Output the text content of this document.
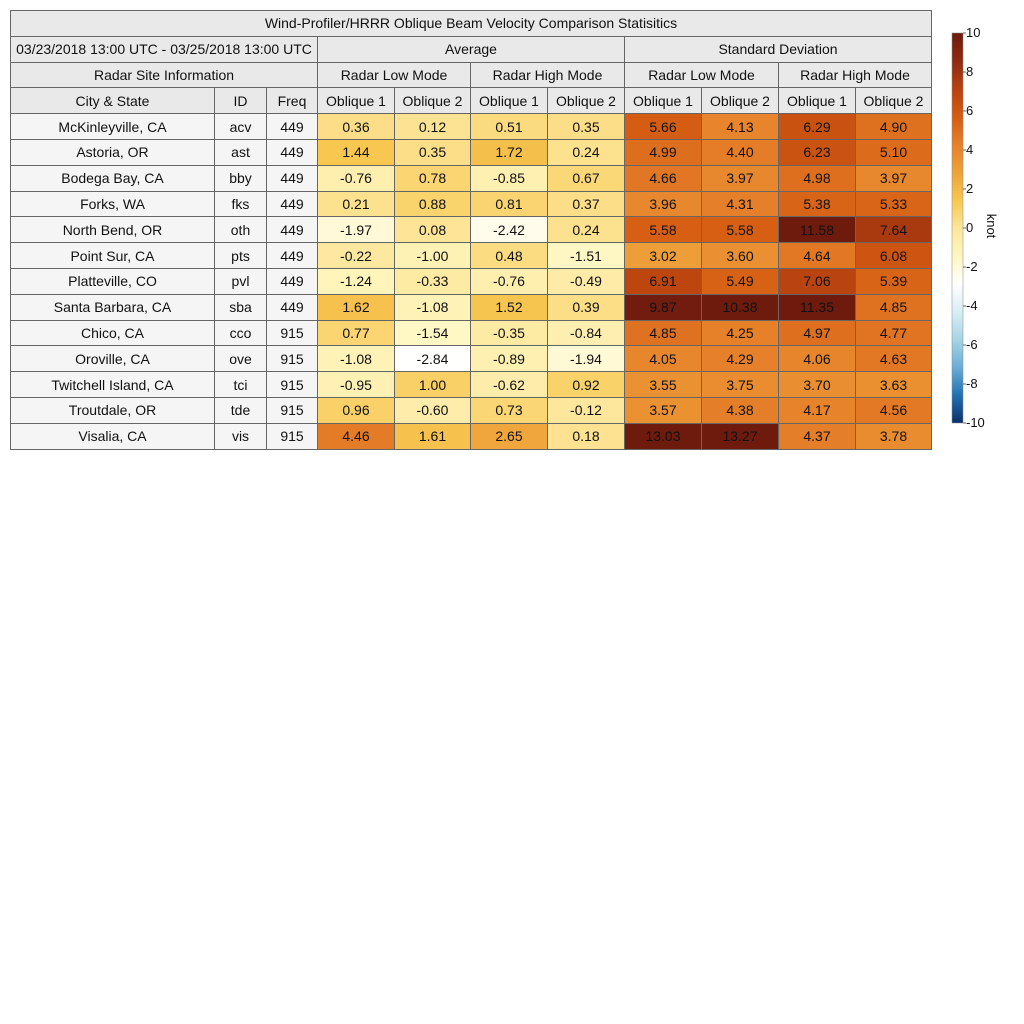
Wind-Profiler/HRRR Oblique Beam Velocity Comparison Statisitics										
03/23/2018 13:00 UTC - 03/25/2018 13:00 UTC			Average				Standard Deviation			
Radar Site Information			Radar Low Mode		Radar High Mode		Radar Low Mode		Radar High Mode	
City & State	ID	Freq	Oblique 1	Oblique 2	Oblique 1	Oblique 2	Oblique 1	Oblique 2	Oblique 1	Oblique 2
McKinleyville, CA	acv	449	0.36	0.12	0.51	0.35	5.66	4.13	6.29	4.90
Astoria, OR	ast	449	1.44	0.35	1.72	0.24	4.99	4.40	6.23	5.10
Bodega Bay, CA	bby	449	-0.76	0.78	-0.85	0.67	4.66	3.97	4.98	3.97
Forks, WA	fks	449	0.21	0.88	0.81	0.37	3.96	4.31	5.38	5.33
North Bend, OR	oth	449	-1.97	0.08	-2.42	0.24	5.58	5.58	11.58	7.64
Point Sur, CA	pts	449	-0.22	-1.00	0.48	-1.51	3.02	3.60	4.64	6.08
Platteville, CO	pvl	449	-1.24	-0.33	-0.76	-0.49	6.91	5.49	7.06	5.39
Santa Barbara, CA	sba	449	1.62	-1.08	1.52	0.39	9.87	10.38	11.35	4.85
Chico, CA	cco	915	0.77	-1.54	-0.35	-0.84	4.85	4.25	4.97	4.77
Oroville, CA	ove	915	-1.08	-2.84	-0.89	-1.94	4.05	4.29	4.06	4.63
Twitchell Island, CA	tci	915	-0.95	1.00	-0.62	0.92	3.55	3.75	3.70	3.63
Troutdale, OR	tde	915	0.96	-0.60	0.73	-0.12	3.57	4.38	4.17	4.56
Visalia, CA	vis	915	4.46	1.61	2.65	0.18	13.03	13.27	4.37	3.78
10
8
6
4
2
0
-2
-4
-6
-8
-10
knot
